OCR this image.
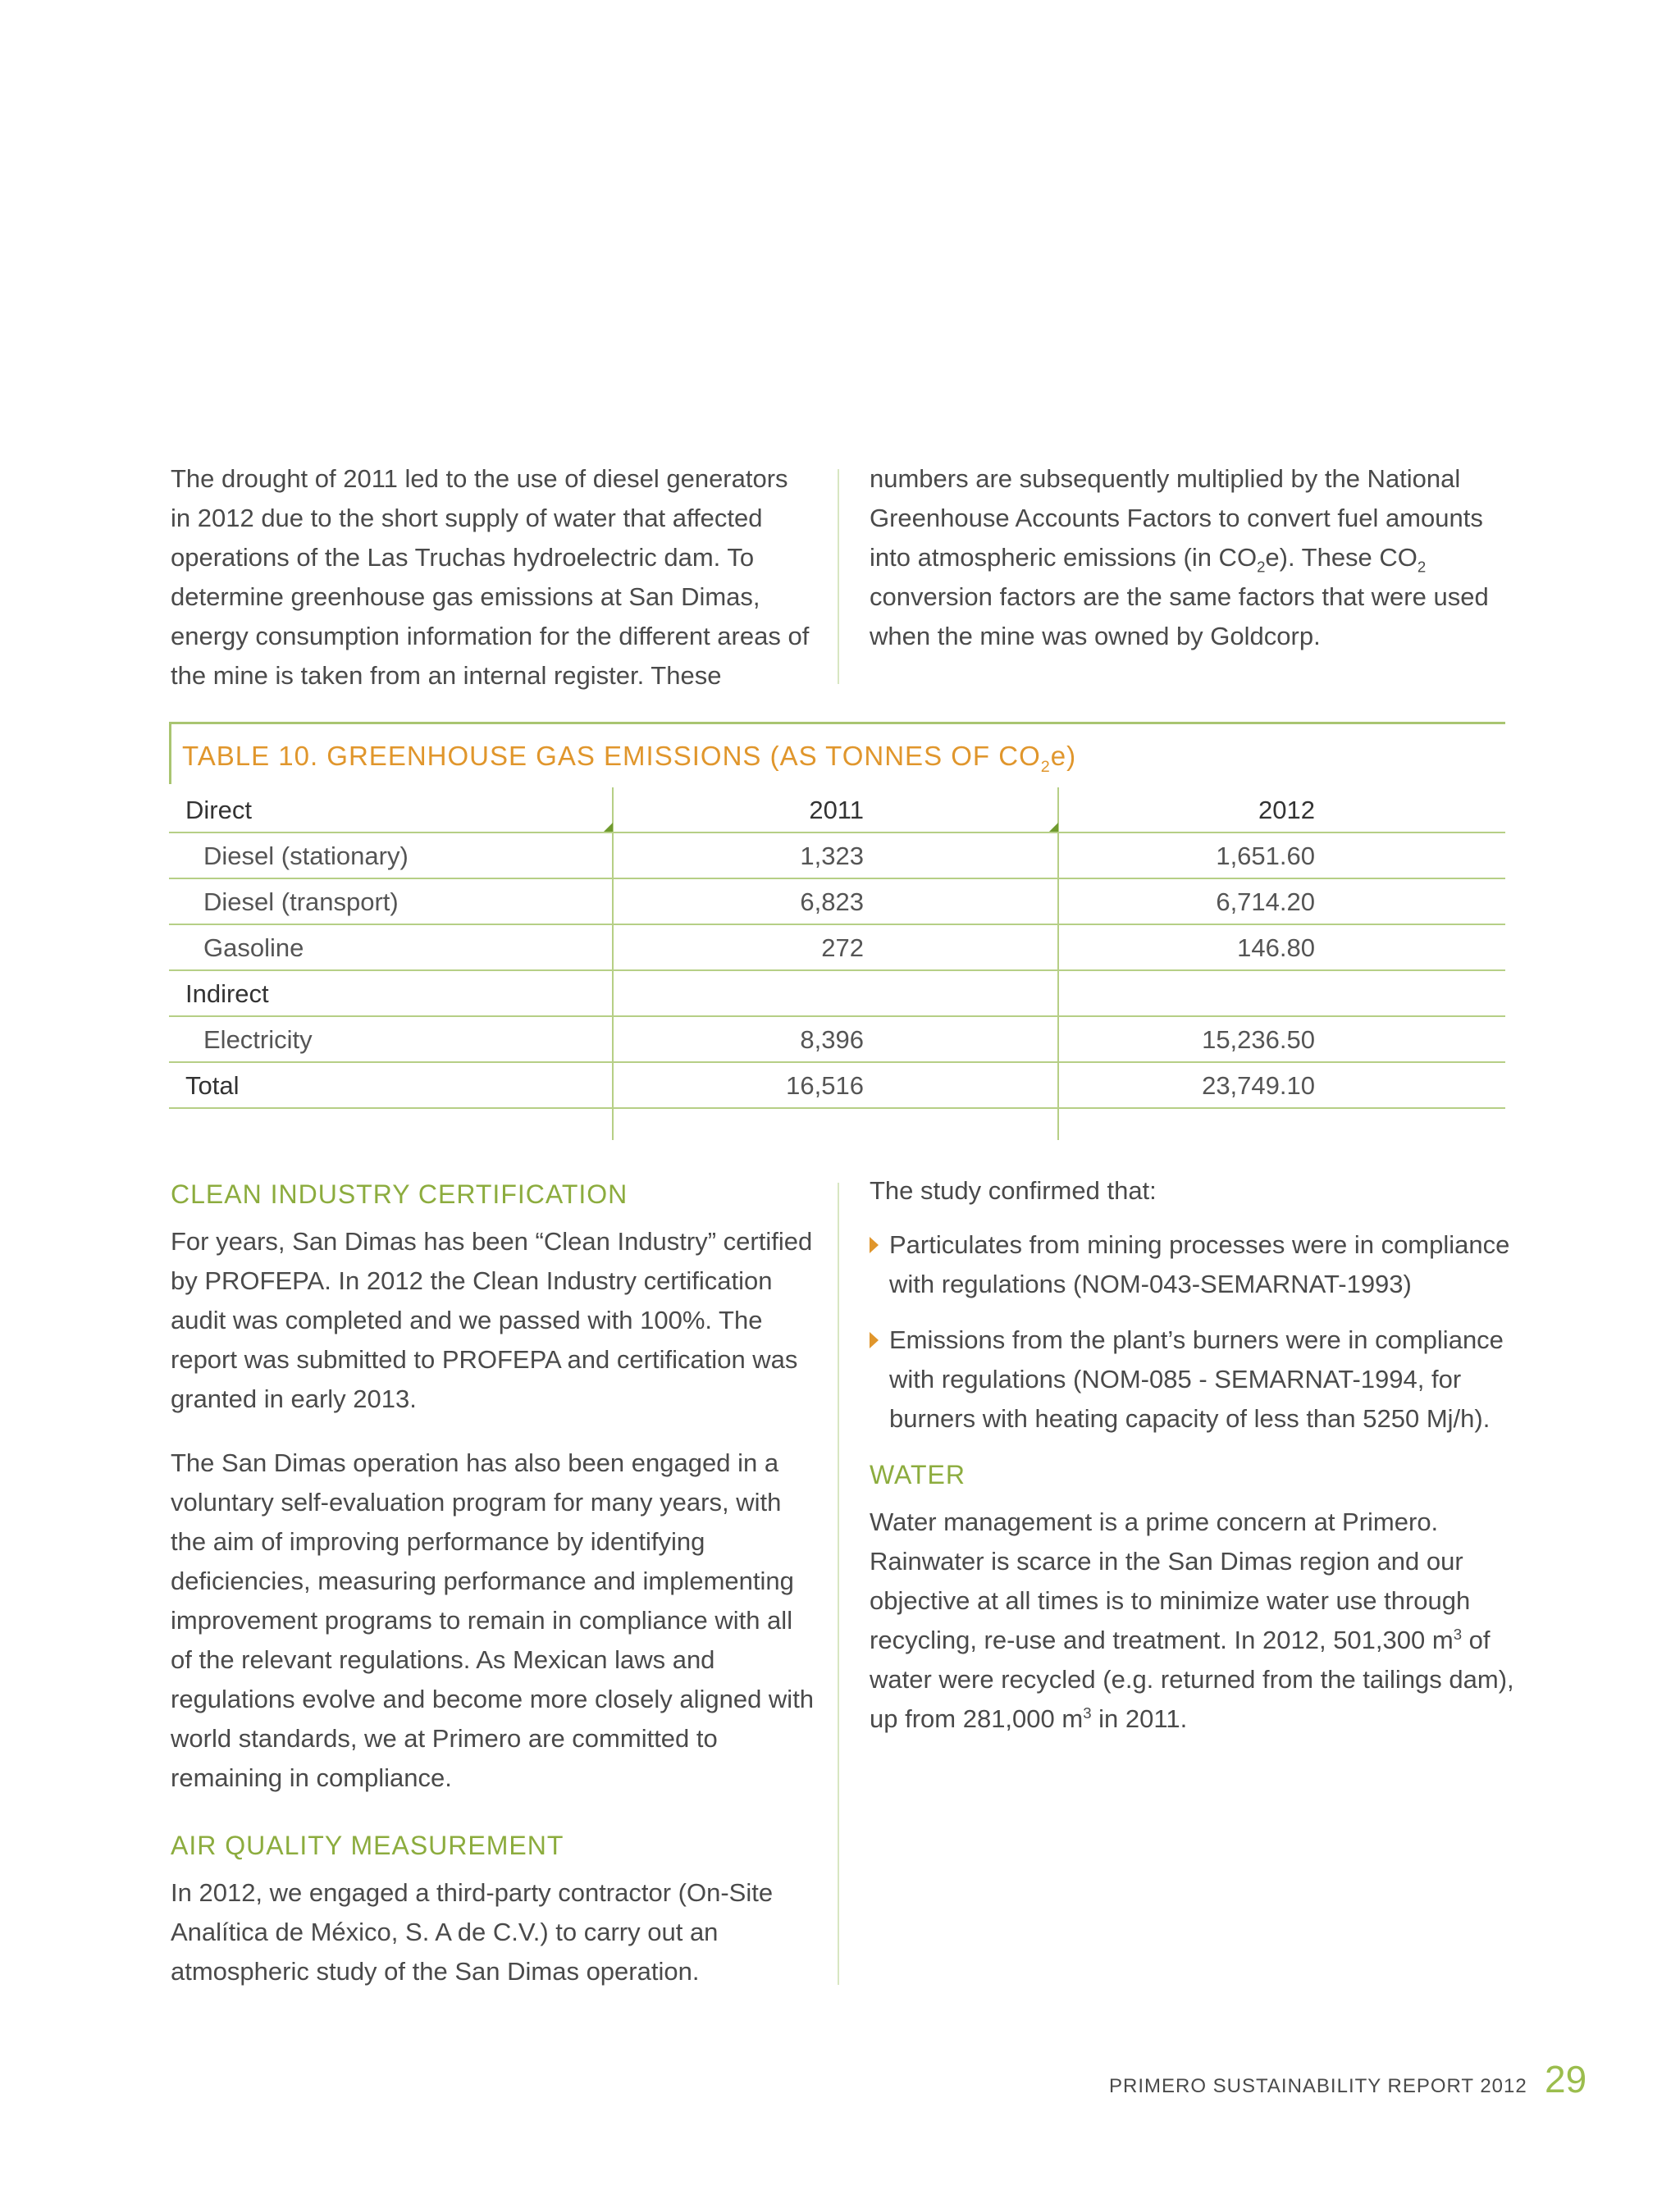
The drought of 2011 led to the use of diesel generators in 2012 due to the short supply of water that affected operations of the Las Truchas hydroelectric dam. To determine greenhouse gas emissions at San Dimas, energy consumption information for the different areas of the mine is taken from an internal register. These

numbers are subsequently multiplied by the National Greenhouse Accounts Factors to convert fuel amounts into atmospheric emissions (in $CO_2e$). These $CO_2$ conversion factors are the same factors that were used when the mine was owned by Goldcorp.

TABLE 10. GREENHOUSE GAS EMISSIONS (AS TONNES OF $CO_2e$)
Direct	2011	2012
Diesel (stationary)	1,323	1,651.60
Diesel (transport)	6,823	6,714.20
Gasoline	272	146.80
Indirect
Electricity	8,396	15,236.50
Total	16,516	23,749.10
CLEAN INDUSTRY CERTIFICATION

For years, San Dimas has been “Clean Industry” certified by PROFEPA. In 2012 the Clean Industry certification audit was completed and we passed with 100%. The report was submitted to PROFEPA and certification was granted in early 2013.

The San Dimas operation has also been engaged in a voluntary self-evaluation program for many years, with the aim of improving performance by identifying deficiencies, measuring performance and implementing improvement programs to remain in compliance with all of the relevant regulations. As Mexican laws and regulations evolve and become more closely aligned with world standards, we at Primero are committed to remaining in compliance.

AIR QUALITY MEASUREMENT

In 2012, we engaged a third-party contractor (On-Site Analítica de México, S. A de C.V.) to carry out an atmospheric study of the San Dimas operation.

The study confirmed that:

Particulates from mining processes were in compliance with regulations (NOM-043-SEMARNAT-1993)
Emissions from the plant’s burners were in compliance with regulations (NOM-085 - SEMARNAT-1994, for burners with heating capacity of less than 5250 Mj/h).
WATER

Water management is a prime concern at Primero. Rainwater is scarce in the San Dimas region and our objective at all times is to minimize water use through recycling, re-use and treatment. In 2012, 501,300 $m^3$ of water were recycled (e.g. returned from the tailings dam), up from 281,000 $m^3$ in 2011.

PRIMERO SUSTAINABILITY REPORT 2012 29
